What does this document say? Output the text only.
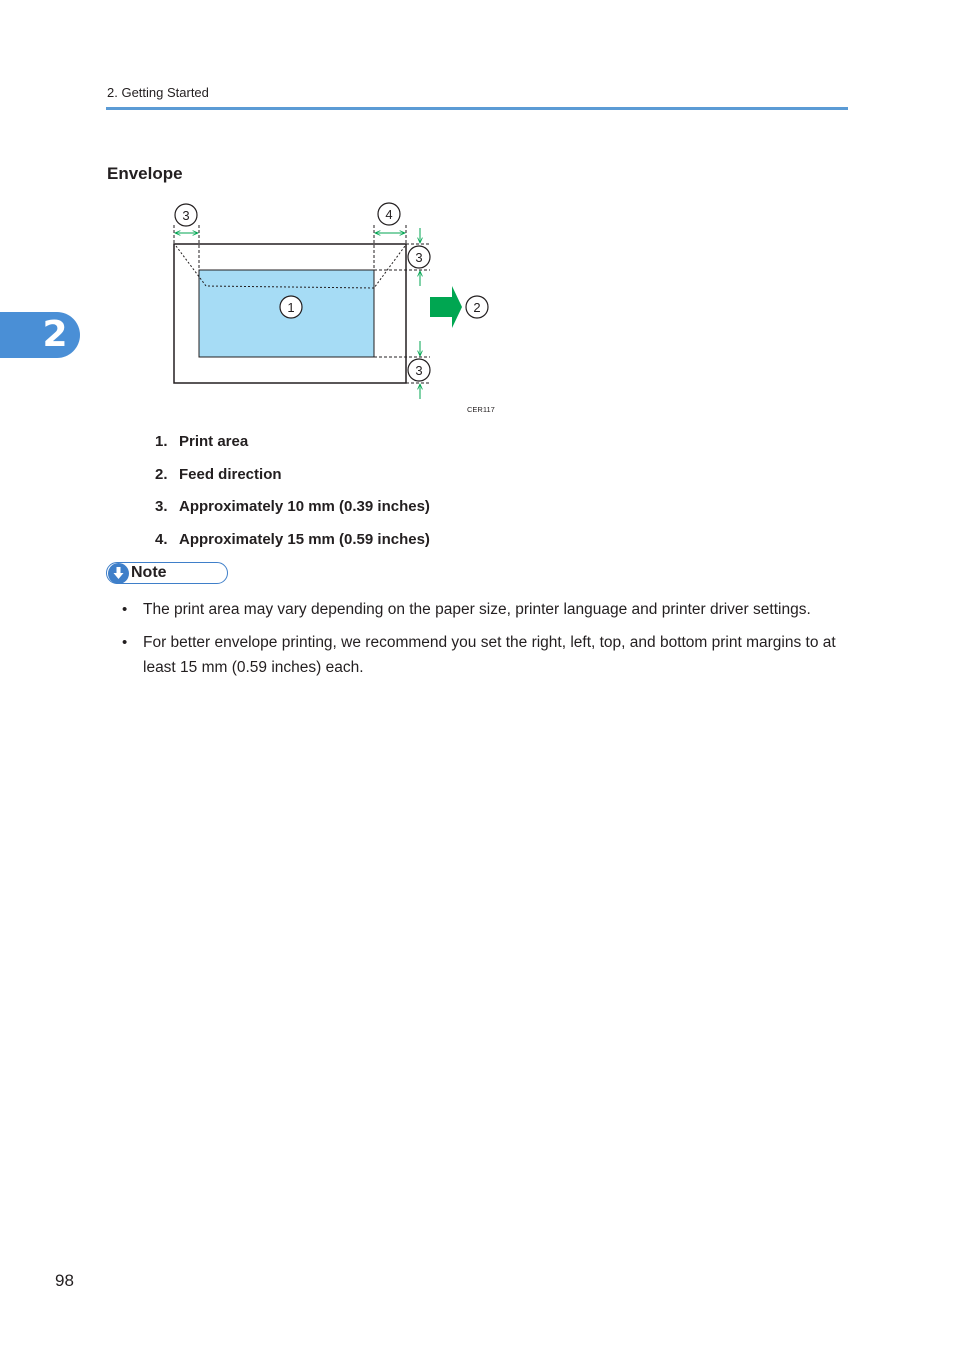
2. Getting Started
2
Envelope
1	2
3
3
3
4
CER117
1. Print area
2. Feed direction
3. Approximately 10 mm (0.39 inches)
4. Approximately 15 mm (0.59 inches)
Note
• The print area may vary depending on the paper size, printer language and printer driver settings.
• For better envelope printing, we recommend you set the right, left, top, and bottom print margins to at least 15 mm (0.59 inches) each.
98
